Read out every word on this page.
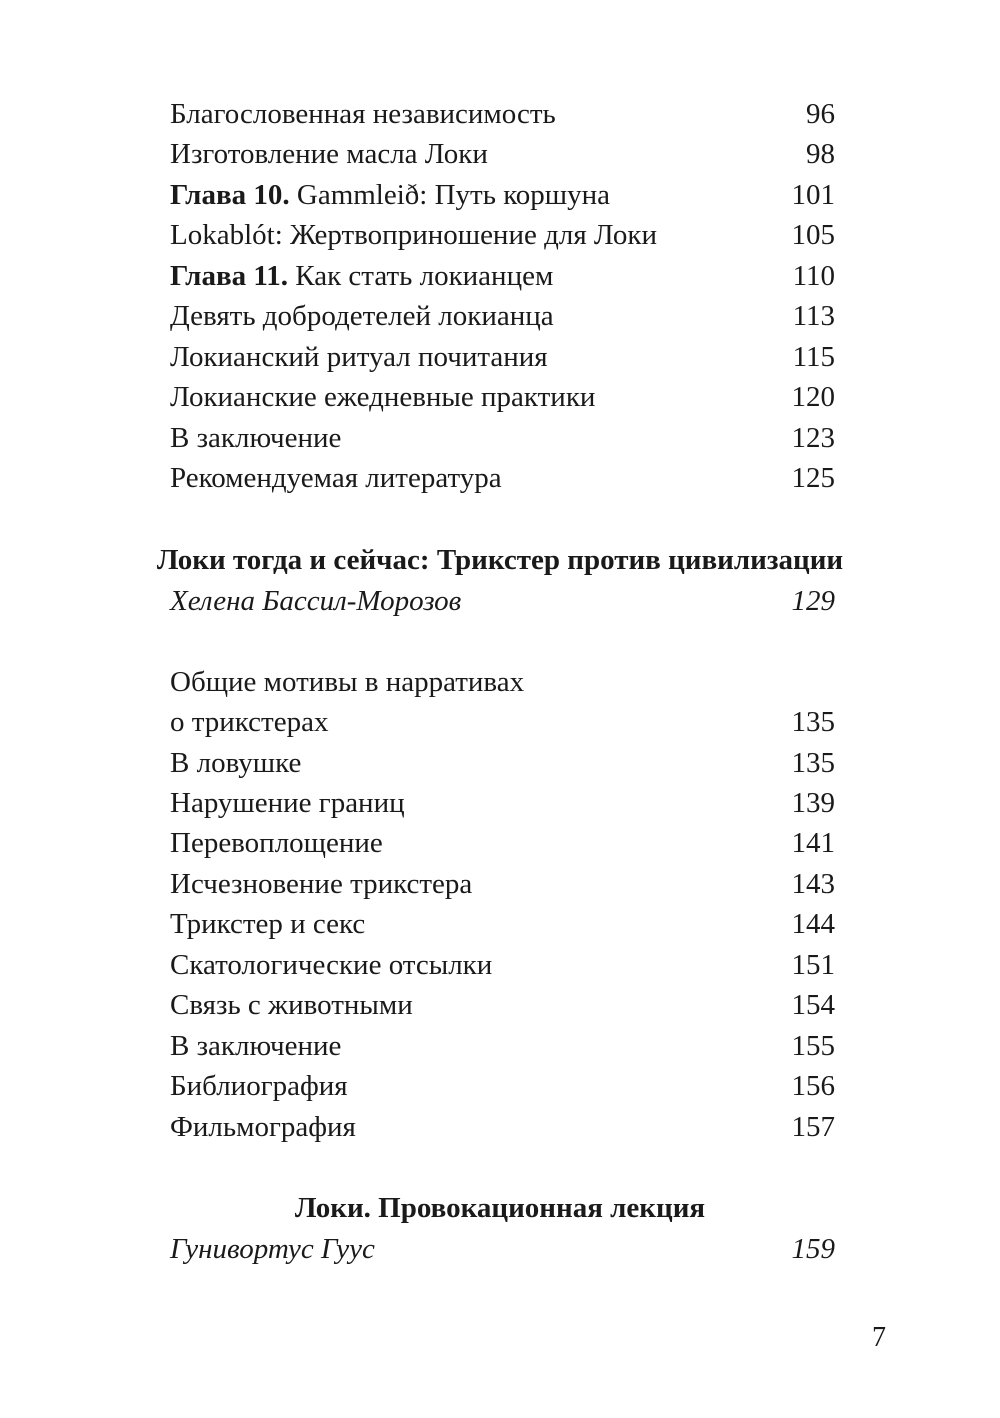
Благословенная независимость	96
Изготовление масла Локи	98
Глава 10. Gammleið: Путь коршуна	101
Lokablót: Жертвоприношение для Локи	105
Глава 11. Как стать локианцем	110
Девять добродетелей локианца	113
Локианский ритуал почитания	115
Локианские ежедневные практики	120
В заключение	123
Рекомендуемая литература	125
Локи тогда и сейчас: Трикстер против цивилизации
Хелена Бассил-Морозов	129
Общие мотивы в нарративах
о трикстерах	135
В ловушке	135
Нарушение границ	139
Перевоплощение	141
Исчезновение трикстера	143
Трикстер и секс	144
Скатологические отсылки	151
Связь с животными	154
В заключение	155
Библиография	156
Фильмография	157
Локи. Провокационная лекция
Гунивортус Гуус	159
7
